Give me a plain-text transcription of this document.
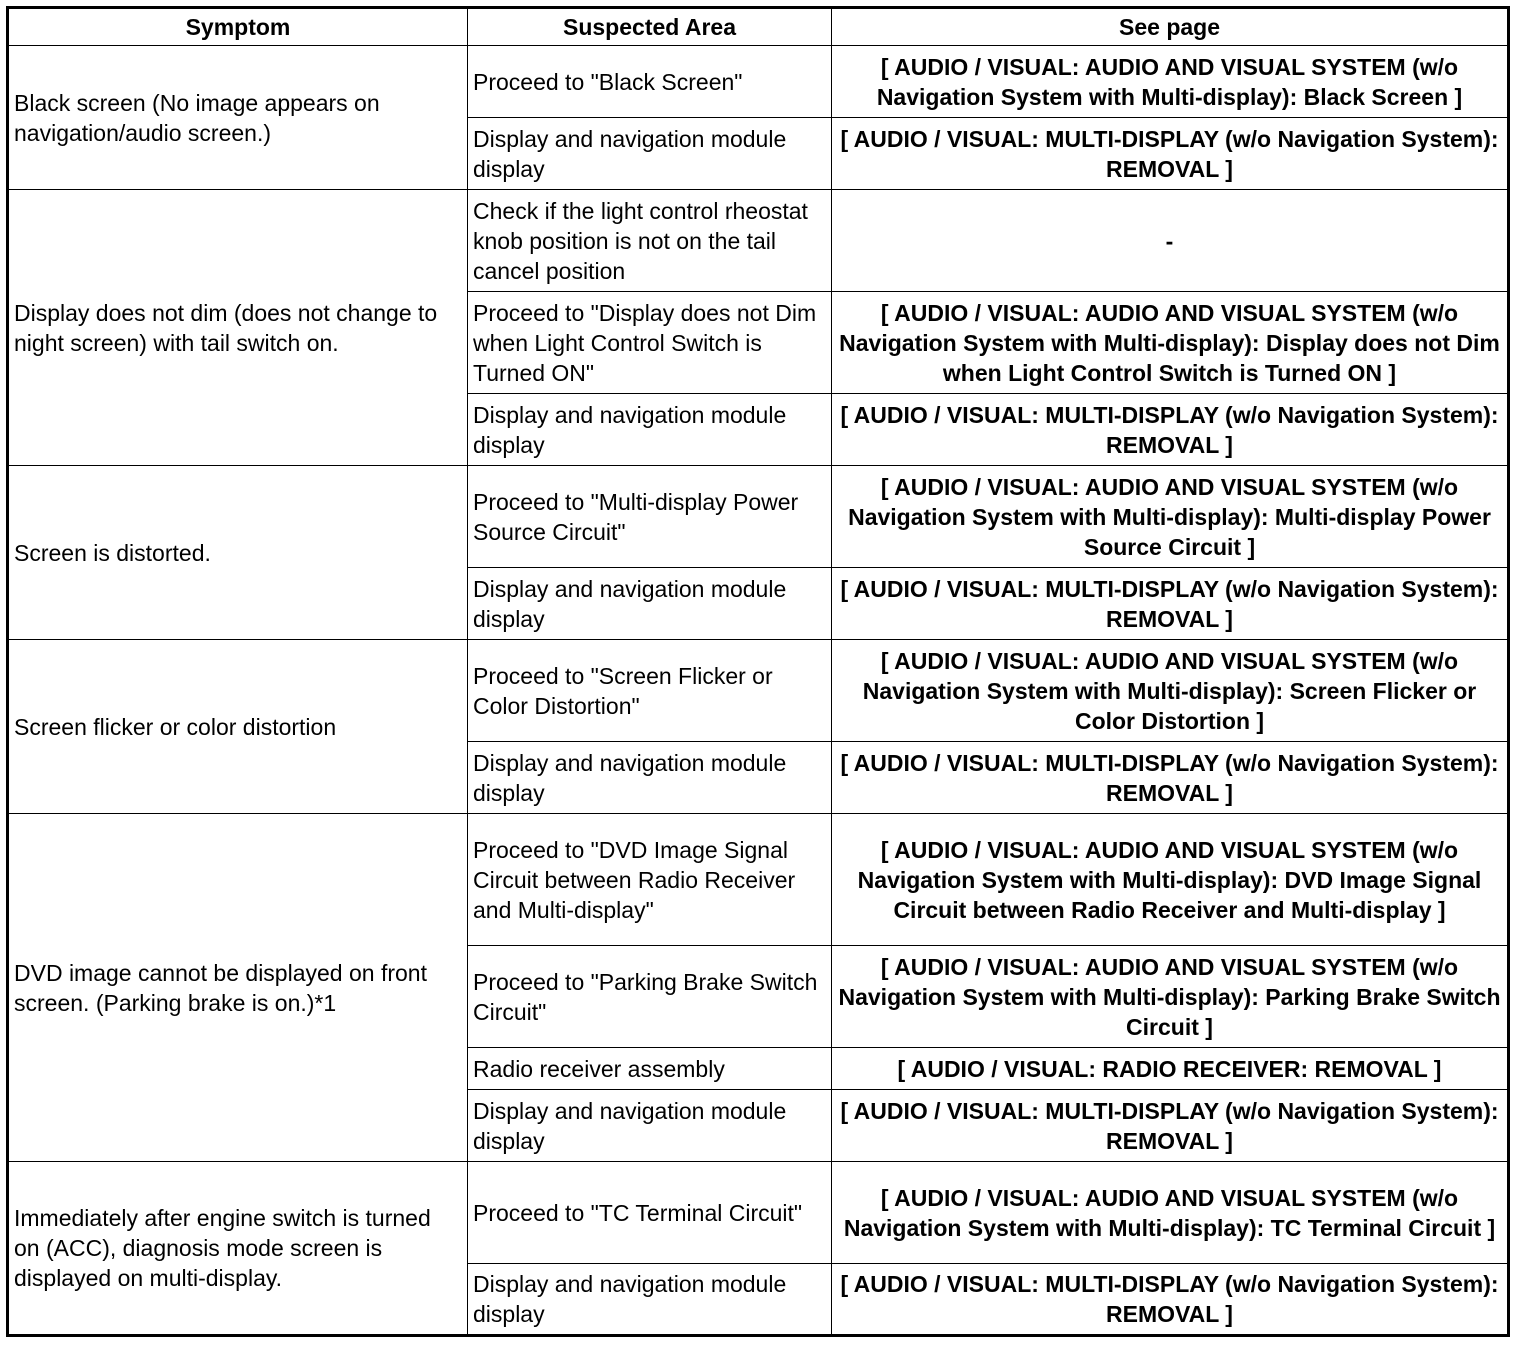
Symptom	Suspected Area	See page
Black screen (No image appears on navigation/audio screen.)	Proceed to "Black Screen"	[ AUDIO / VISUAL: AUDIO AND VISUAL SYSTEM (w/o Navigation System with Multi-display): Black Screen ]
	Display and navigation module display	[ AUDIO / VISUAL: MULTI-DISPLAY (w/o Navigation System): REMOVAL ]
Display does not dim (does not change to night screen) with tail switch on.	Check if the light control rheostat knob position is not on the tail cancel position	-
	Proceed to "Display does not Dim when Light Control Switch is Turned ON"	[ AUDIO / VISUAL: AUDIO AND VISUAL SYSTEM (w/o Navigation System with Multi-display): Display does not Dim when Light Control Switch is Turned ON ]
	Display and navigation module display	[ AUDIO / VISUAL: MULTI-DISPLAY (w/o Navigation System): REMOVAL ]
Screen is distorted.	Proceed to "Multi-display Power Source Circuit"	[ AUDIO / VISUAL: AUDIO AND VISUAL SYSTEM (w/o Navigation System with Multi-display): Multi-display Power Source Circuit ]
	Display and navigation module display	[ AUDIO / VISUAL: MULTI-DISPLAY (w/o Navigation System): REMOVAL ]
Screen flicker or color distortion	Proceed to "Screen Flicker or Color Distortion"	[ AUDIO / VISUAL: AUDIO AND VISUAL SYSTEM (w/o Navigation System with Multi-display): Screen Flicker or Color Distortion ]
	Display and navigation module display	[ AUDIO / VISUAL: MULTI-DISPLAY (w/o Navigation System): REMOVAL ]
DVD image cannot be displayed on front screen. (Parking brake is on.)*1	Proceed to "DVD Image Signal Circuit between Radio Receiver and Multi-display"	[ AUDIO / VISUAL: AUDIO AND VISUAL SYSTEM (w/o Navigation System with Multi-display): DVD Image Signal Circuit between Radio Receiver and Multi-display ]
	Proceed to "Parking Brake Switch Circuit"	[ AUDIO / VISUAL: AUDIO AND VISUAL SYSTEM (w/o Navigation System with Multi-display): Parking Brake Switch Circuit ]
	Radio receiver assembly	[ AUDIO / VISUAL: RADIO RECEIVER: REMOVAL ]
	Display and navigation module display	[ AUDIO / VISUAL: MULTI-DISPLAY (w/o Navigation System): REMOVAL ]
Immediately after engine switch is turned on (ACC), diagnosis mode screen is displayed on multi-display.	Proceed to "TC Terminal Circuit"	[ AUDIO / VISUAL: AUDIO AND VISUAL SYSTEM (w/o Navigation System with Multi-display): TC Terminal Circuit ]
	Display and navigation module display	[ AUDIO / VISUAL: MULTI-DISPLAY (w/o Navigation System): REMOVAL ]
